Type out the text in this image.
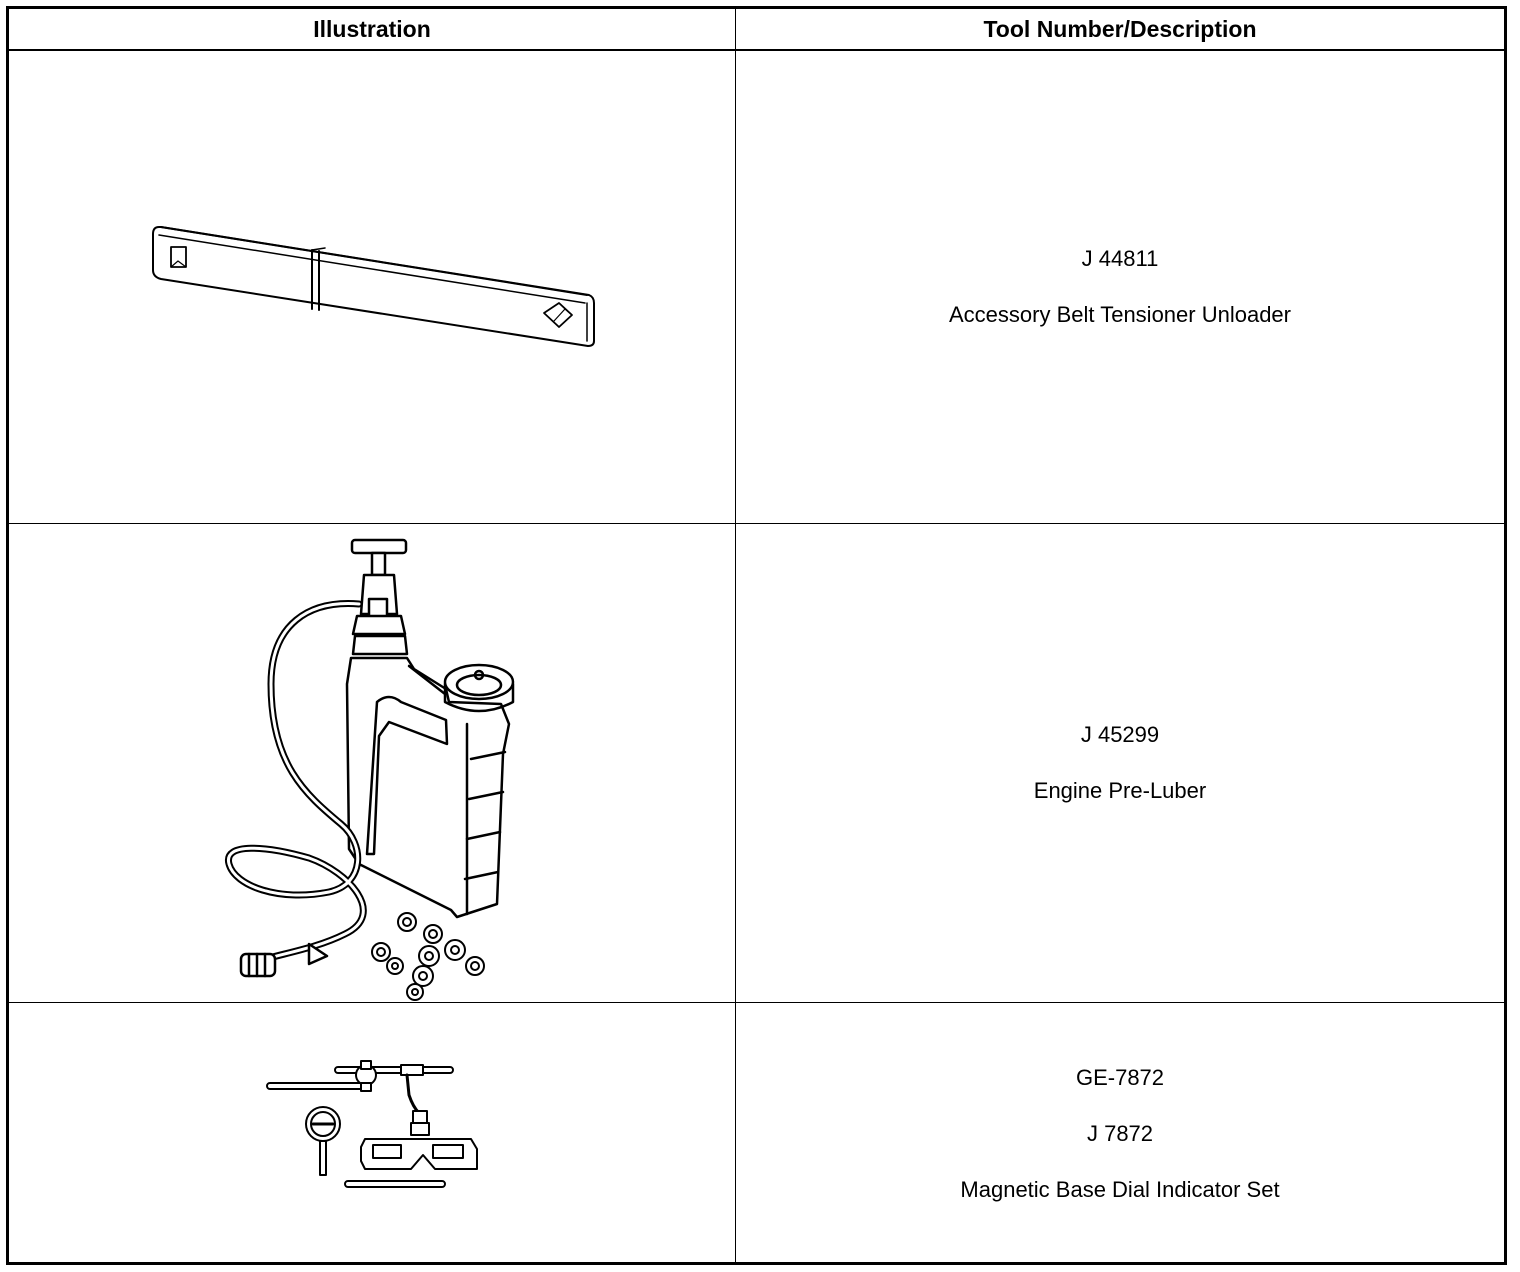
Illustration	Tool Number/Description

J 44811
Accessory Belt Tensioner Unloader

J 45299
Engine Pre-Luber

GE-7872
J 7872
Magnetic Base Dial Indicator Set
